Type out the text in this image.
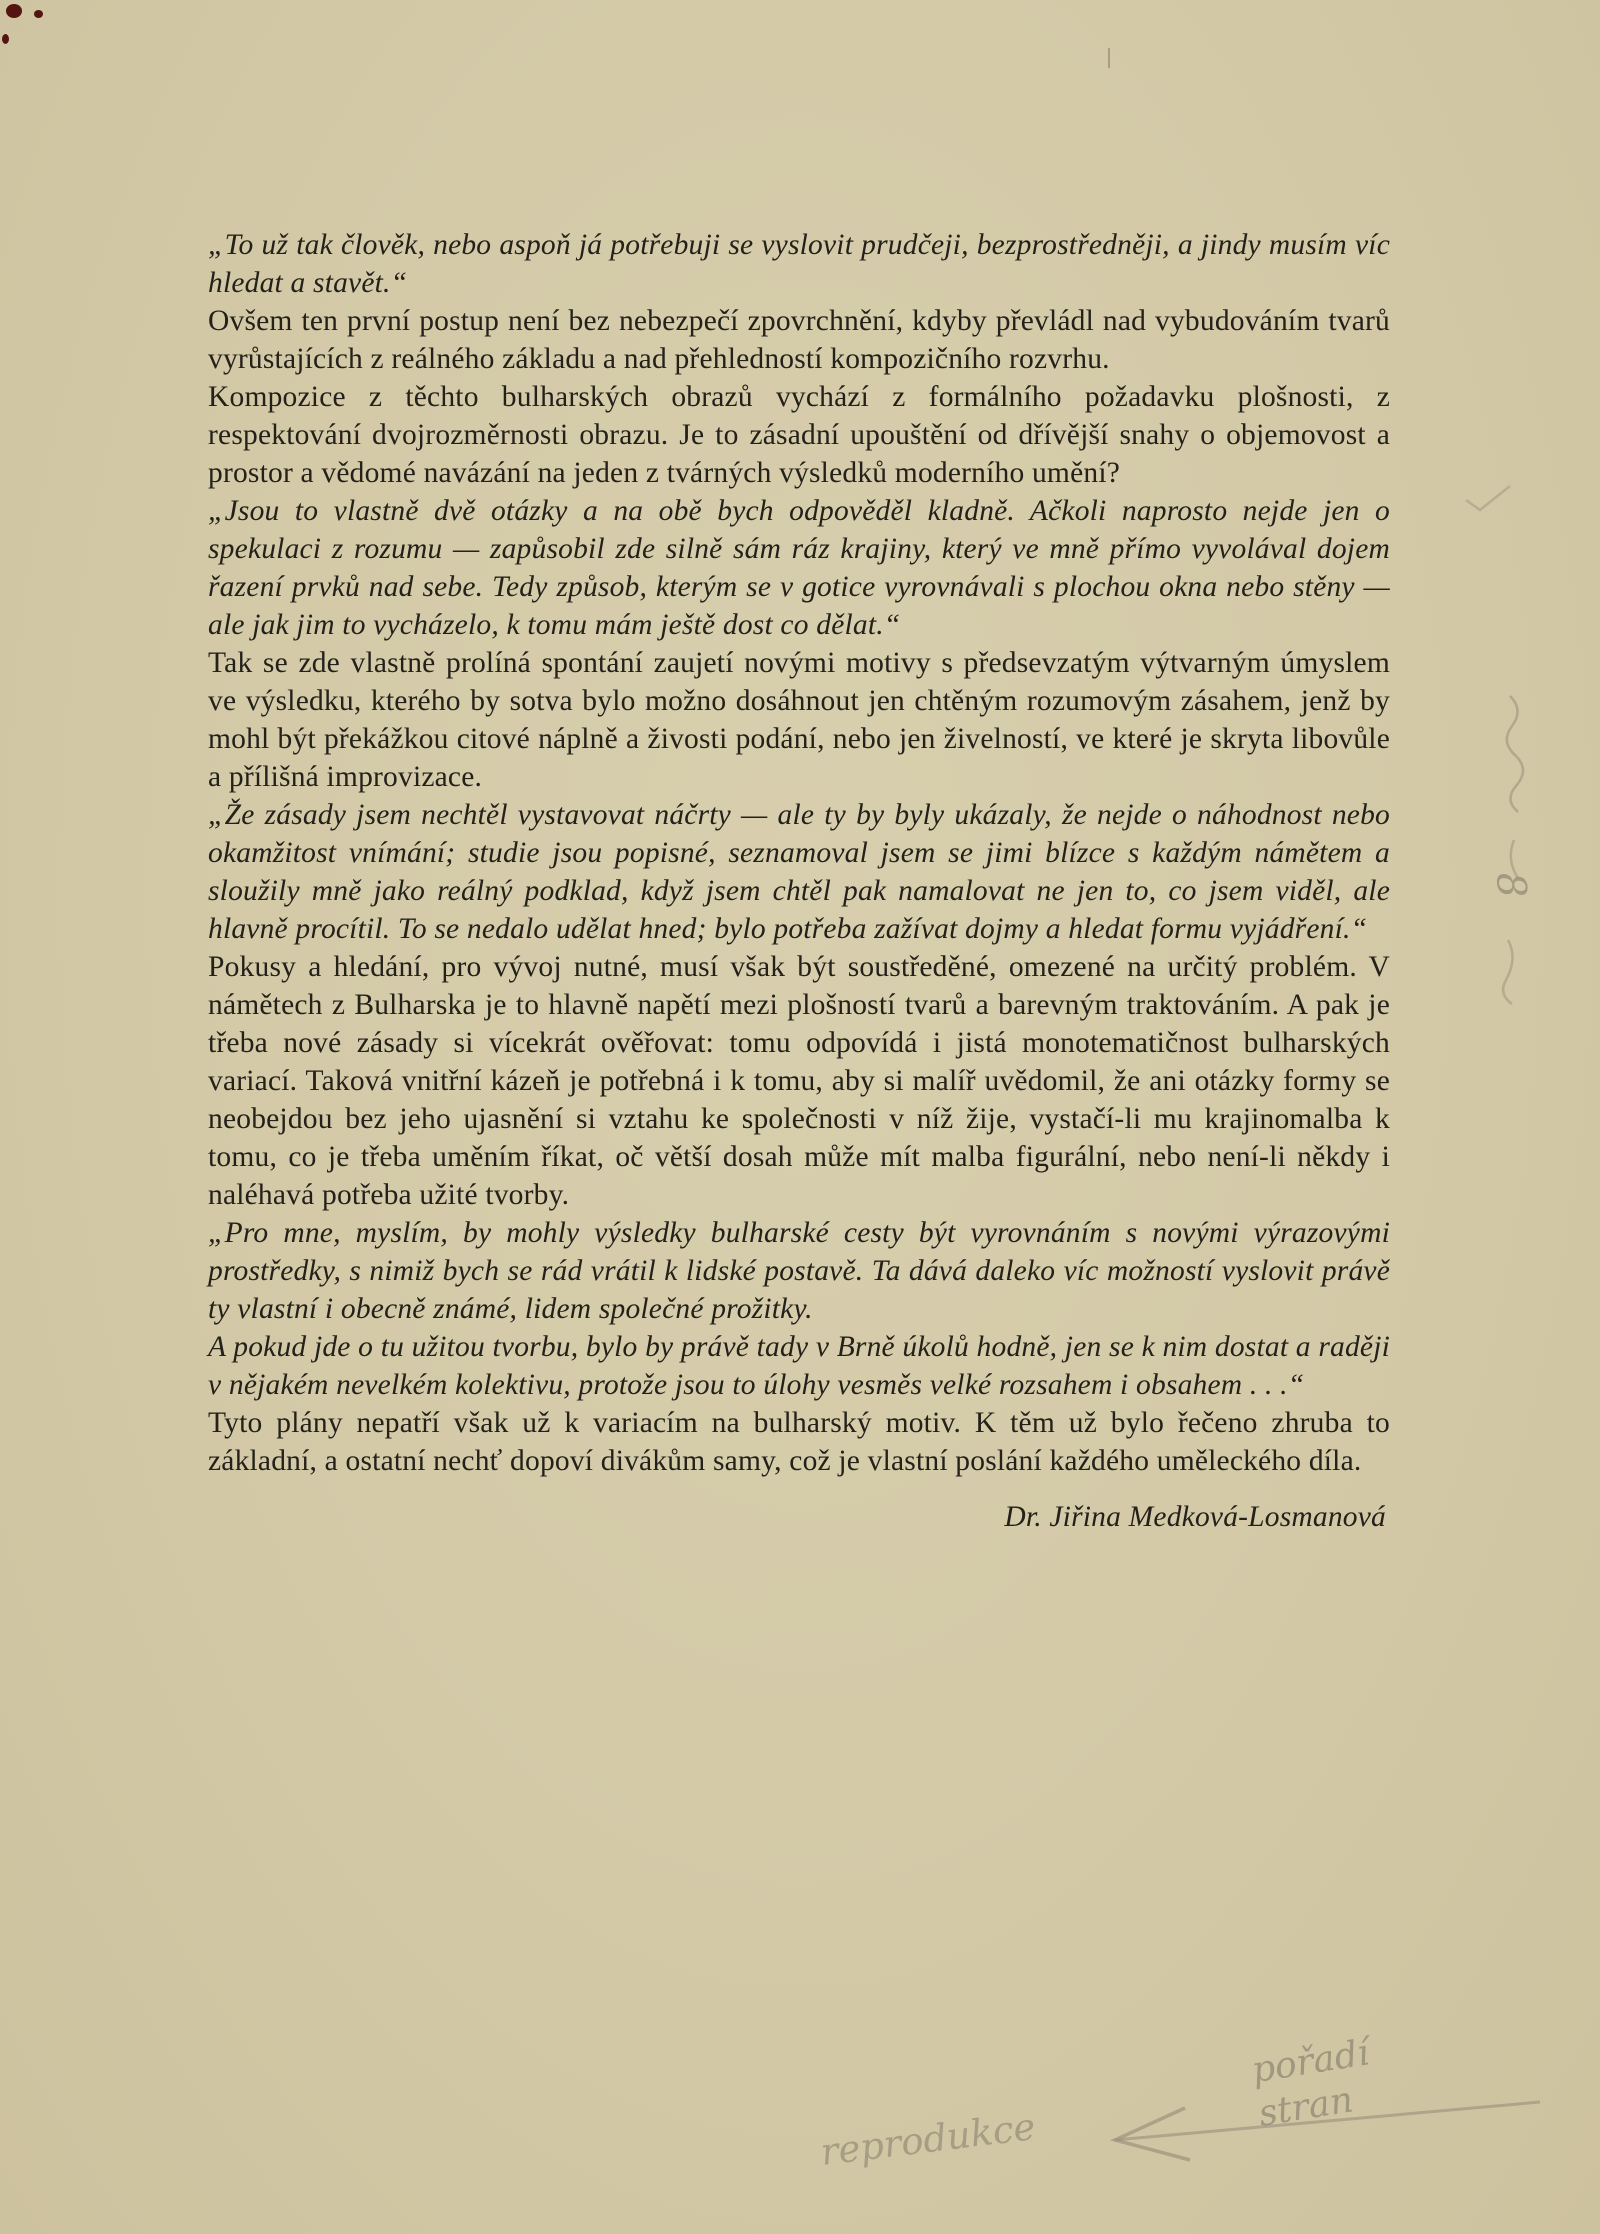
„To už tak člověk, nebo aspoň já potřebuji se vyslovit prudčeji, bezprostředněji, a jindy musím víc hledat a stavět.“

Ovšem ten první postup není bez nebezpečí zpovrchnění, kdyby převládl nad vybudováním tvarů vyrůstajících z reálného základu a nad přehledností kompozičního rozvrhu.

Kompozice z těchto bulharských obrazů vychází z formálního požadavku plošnosti, z respektování dvojrozměrnosti obrazu. Je to zásadní upouštění od dřívější snahy o objemovost a prostor a vědomé navázání na jeden z tvárných výsledků moderního umění?

„Jsou to vlastně dvě otázky a na obě bych odpověděl kladně. Ačkoli naprosto nejde jen o spekulaci z rozumu — zapůsobil zde silně sám ráz krajiny, který ve mně přímo vyvolával dojem řazení prvků nad sebe. Tedy způsob, kterým se v gotice vyrovnávali s plochou okna nebo stěny — ale jak jim to vycházelo, k tomu mám ještě dost co dělat.“

Tak se zde vlastně prolíná spontání zaujetí novými motivy s předsevzatým výtvarným úmyslem ve výsledku, kterého by sotva bylo možno dosáhnout jen chtěným rozumovým zásahem, jenž by mohl být překážkou citové náplně a živosti podání, nebo jen živelností, ve které je skryta libovůle a přílišná improvizace.

„Že zásady jsem nechtěl vystavovat náčrty — ale ty by byly ukázaly, že nejde o náhodnost nebo okamžitost vnímání; studie jsou popisné, seznamoval jsem se jimi blízce s každým námětem a sloužily mně jako reálný podklad, když jsem chtěl pak namalovat ne jen to, co jsem viděl, ale hlavně procítil. To se nedalo udělat hned; bylo potřeba zažívat dojmy a hledat formu vyjádření.“

Pokusy a hledání, pro vývoj nutné, musí však být soustředěné, omezené na určitý problém. V námětech z Bulharska je to hlavně napětí mezi plošností tvarů a barevným traktováním. A pak je třeba nové zásady si vícekrát ověřovat: tomu odpovídá i jistá monotematičnost bulharských variací. Taková vnitřní kázeň je potřebná i k tomu, aby si malíř uvědomil, že ani otázky formy se neobejdou bez jeho ujasnění si vztahu ke společnosti v níž žije, vystačí-li mu krajinomalba k tomu, co je třeba uměním říkat, oč větší dosah může mít malba figurální, nebo není-li někdy i naléhavá potřeba užité tvorby.

„Pro mne, myslím, by mohly výsledky bulharské cesty být vyrovnáním s novými výrazovými prostředky, s nimiž bych se rád vrátil k lidské postavě. Ta dává daleko víc možností vyslovit právě ty vlastní i obecně známé, lidem společné prožitky.

A pokud jde o tu užitou tvorbu, bylo by právě tady v Brně úkolů hodně, jen se k nim dostat a raději v nějakém nevelkém kolektivu, protože jsou to úlohy vesměs velké rozsahem i obsahem . . .“

Tyto plány nepatří však už k variacím na bulharský motiv. K těm už bylo řečeno zhruba to základní, a ostatní nechť dopoví divákům samy, což je vlastní poslání každého uměleckého díla.

Dr. Jiřina Medková-Losmanová

8
pořadí
stran
reprodukce
